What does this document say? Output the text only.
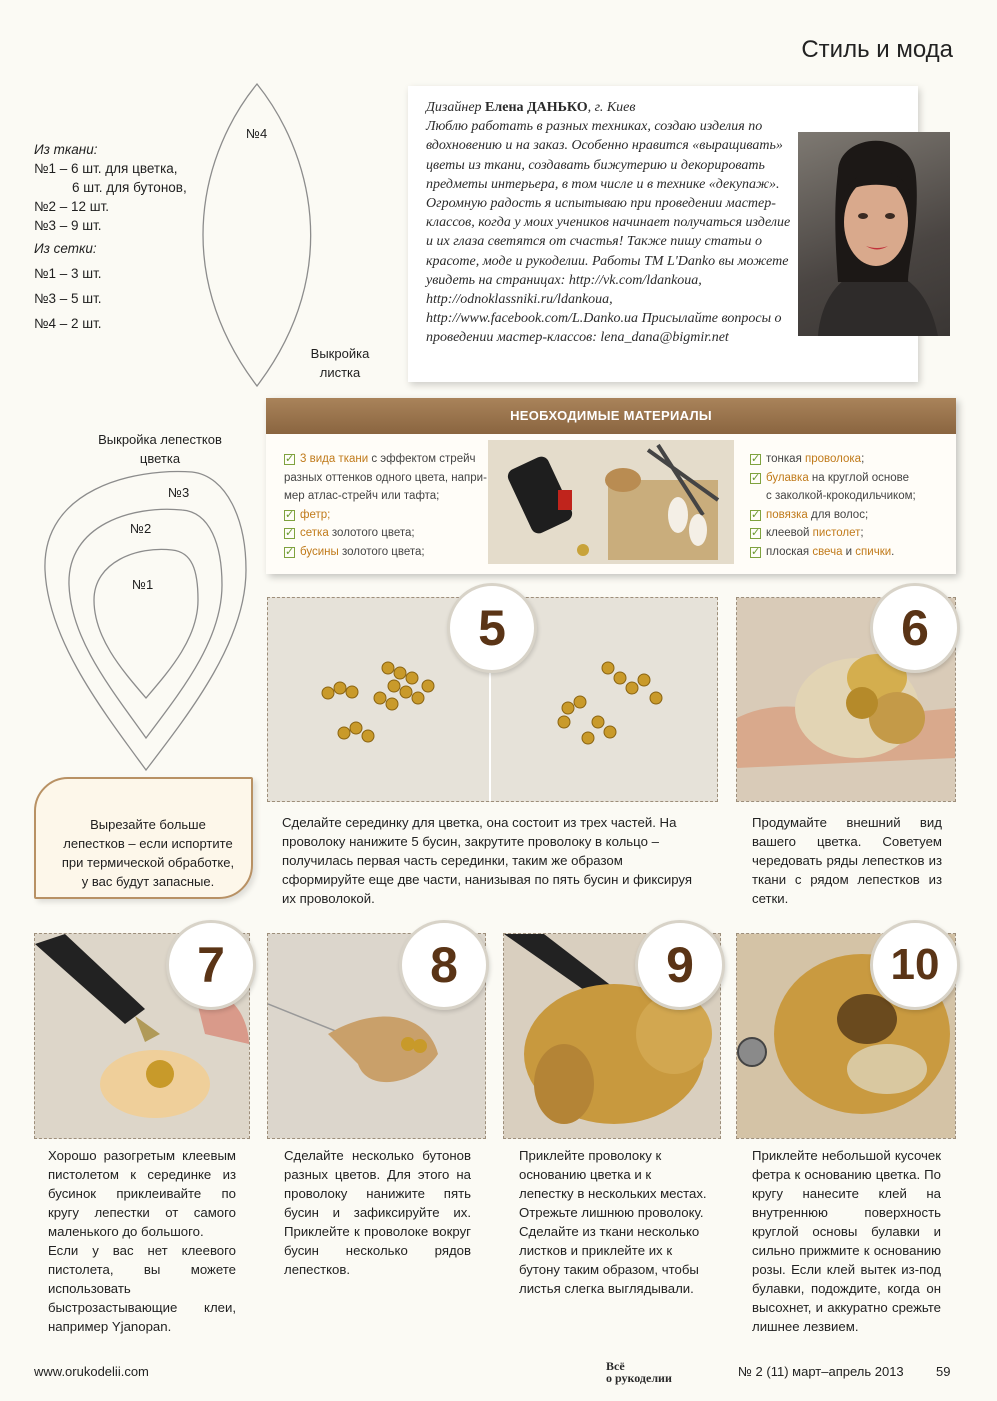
Стиль и мода
Из ткани:
№1 – 6 шт. для цветка,
6 шт. для бутонов,
№2 – 12 шт.
№3 – 9 шт.
Из сетки:
№1 – 3 шт.
№3 – 5 шт.
№4 – 2 шт.
№4
Выкройка листка
Выкройка лепестков цветка
№3
№2
№1
Вырезайте больше лепестков – если испортите при термической обработке, у вас будут запасные.
Дизайнер Елена ДАНЬКО, г. Киев
Люблю работать в разных техниках, создаю изделия по вдохновению и на заказ. Особенно нравится «выращивать» цветы из ткани, создавать бижутерию и декорировать предметы интерьера, в том числе и в технике «декупаж». Огромную радость я испытываю при проведении мастер-классов, когда у моих учеников начинает получаться изделие и их глаза светятся от счастья! Также пишу статьи о красоте, моде и рукоделии. Работы ТМ L'Danko вы можете увидеть на страницах: http://vk.com/ldankoua, http://odnoklassniki.ru/ldankoua, http://www.facebook.com/L.Danko.ua Присылайте вопросы о проведении мастер-классов: lena_dana@bigmir.net
НЕОБХОДИМЫЕ МАТЕРИАЛЫ
✓
3 вида ткани с эффектом стрейч
разных оттенков одного цвета, напри-
мер атлас-стрейч или тафта;
✓
фетр;
✓
сетка золотого цвета;
✓
бусины золотого цвета;
✓
тонкая проволока;
✓
булавка на круглой основе
с заколкой-крокодильчиком;
✓
повязка для волос;
✓
клеевой пистолет;
✓
плоская свеча и спички.
5
Сделайте серединку для цветка, она состоит из трех частей. На проволоку нанижите 5 бусин, закрутите проволоку в кольцо – получилась первая часть серединки, таким же образом сформируйте еще две части, нанизывая по пять бусин и фиксируя их проволокой.
6
Продумайте внешний вид вашего цветка. Советуем чередовать ряды лепестков из ткани с рядом лепестков из сетки.
7
Хорошо разогретым клеевым пистолетом к серединке из бусинок приклеивайте по кругу лепестки от самого маленького до большого.
Если у вас нет клеевого пистолета, вы можете использовать быстрозастывающие клеи, например Yjanopan.
8
Сделайте несколько бутонов разных цветов. Для этого на проволоку нанижите пять бусин и зафиксируйте их. Приклейте к проволоке вокруг бусин несколько рядов лепестков.
9
Приклейте проволоку к основанию цветка и к лепестку в нескольких местах. Отрежьте лишнюю проволоку.
Сделайте из ткани несколько листков и приклейте их к бутону таким образом, чтобы листья слегка выглядывали.
10
Приклейте небольшой кусочек фетра к основанию цветка. По кругу нанесите клей на внутреннюю поверхность круглой основы булавки и сильно прижмите к основанию розы. Если клей вытек из-под булавки, подождите, когда он высохнет, и аккуратно срежьте лишнее лезвием.
www.orukodelii.com	Всё
о рукоделии	№ 2 (11) март–апрель 2013 59
